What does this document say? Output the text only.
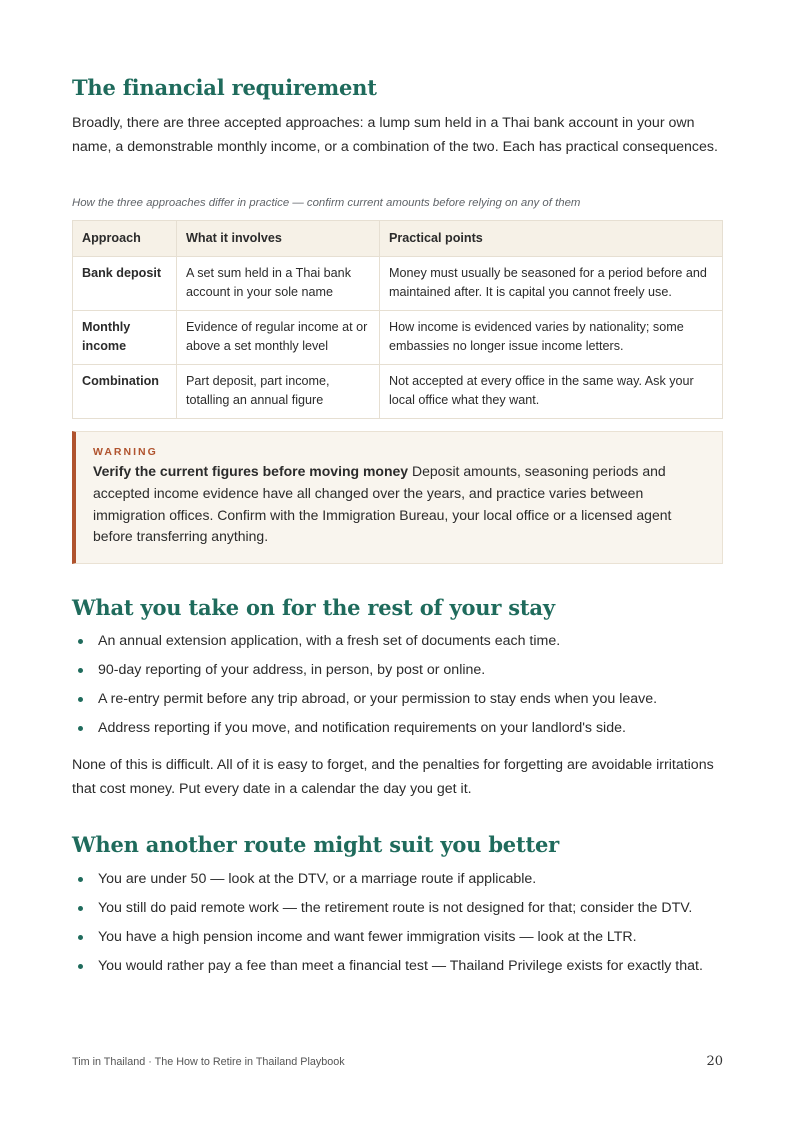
The financial requirement

Broadly, there are three accepted approaches: a lump sum held in a Thai bank account in your own name, a demonstrable monthly income, or a combination of the two. Each has practical consequences.

How the three approaches differ in practice — confirm current amounts before relying on any of them
Approach	What it involves	Practical points
Bank deposit	A set sum held in a Thai bank account in your sole name	Money must usually be seasoned for a period before and maintained after. It is capital you cannot freely use.
Monthly income	Evidence of regular income at or above a set monthly level	How income is evidenced varies by nationality; some embassies no longer issue income letters.
Combination	Part deposit, part income, totalling an annual figure	Not accepted at every office in the same way. Ask your local office what they want.
WARNING
Verify the current figures before moving money Deposit amounts, seasoning periods and accepted income evidence have all changed over the years, and practice varies between immigration offices. Confirm with the Immigration Bureau, your local office or a licensed agent before transferring anything.
What you take on for the rest of your stay
An annual extension application, with a fresh set of documents each time.
90-day reporting of your address, in person, by post or online.
A re-entry permit before any trip abroad, or your permission to stay ends when you leave.
Address reporting if you move, and notification requirements on your landlord's side.

None of this is difficult. All of it is easy to forget, and the penalties for forgetting are avoidable irritations that cost money. Put every date in a calendar the day you get it.

When another route might suit you better
You are under 50 — look at the DTV, or a marriage route if applicable.
You still do paid remote work — the retirement route is not designed for that; consider the DTV.
You have a high pension income and want fewer immigration visits — look at the LTR.
You would rather pay a fee than meet a financial test — Thailand Privilege exists for exactly that.
Tim in Thailand · The How to Retire in Thailand Playbook	20
